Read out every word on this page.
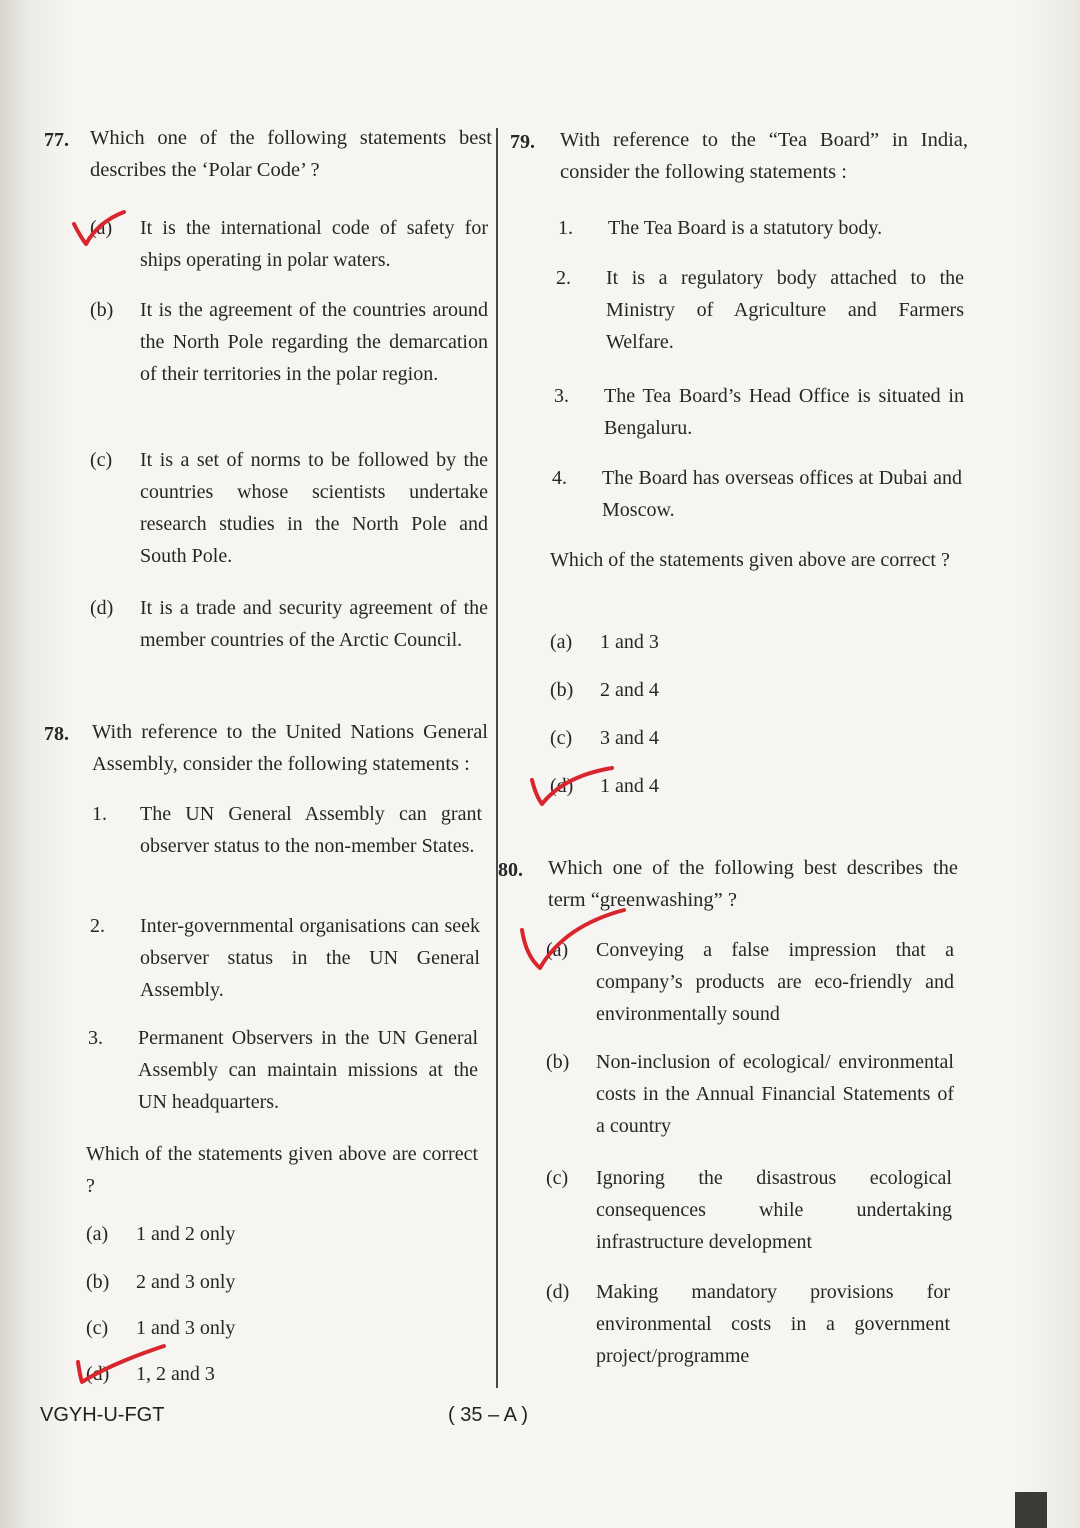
77. Which one of the following statements best describes the ‘Polar Code’ ?
(a) It is the international code of safety for ships operating in polar waters.
(b) It is the agreement of the countries around the North Pole regarding the demarcation of their territories in the polar region.
(c) It is a set of norms to be followed by the countries whose scientists undertake research studies in the North Pole and South Pole.
(d) It is a trade and security agreement of the member countries of the Arctic Council.
78. With reference to the United Nations General Assembly, consider the following statements :
1. The UN General Assembly can grant observer status to the non-member States.
2. Inter-governmental organisations can seek observer status in the UN General Assembly.
3. Permanent Observers in the UN General Assembly can maintain missions at the UN headquarters.
Which of the statements given above are correct ?
(a) 1 and 2 only
(b) 2 and 3 only
(c) 1 and 3 only
(d) 1, 2 and 3
79. With reference to the “Tea Board” in India, consider the following statements :
1. The Tea Board is a statutory body.
2. It is a regulatory body attached to the Ministry of Agriculture and Farmers Welfare.
3. The Tea Board’s Head Office is situated in Bengaluru.
4. The Board has overseas offices at Dubai and Moscow.
Which of the statements given above are correct ?
(a) 1 and 3
(b) 2 and 4
(c) 3 and 4
(d) 1 and 4
80. Which one of the following best describes the term “greenwashing” ?
(a) Conveying a false impression that a company’s products are eco-friendly and environmentally sound
(b) Non-inclusion of ecological/ environmental costs in the Annual Financial Statements of a country
(c) Ignoring the disastrous ecological consequences while undertaking infrastructure development
(d) Making mandatory provisions for environmental costs in a government project/programme
VGYH-U-FGT	( 35 – A )
